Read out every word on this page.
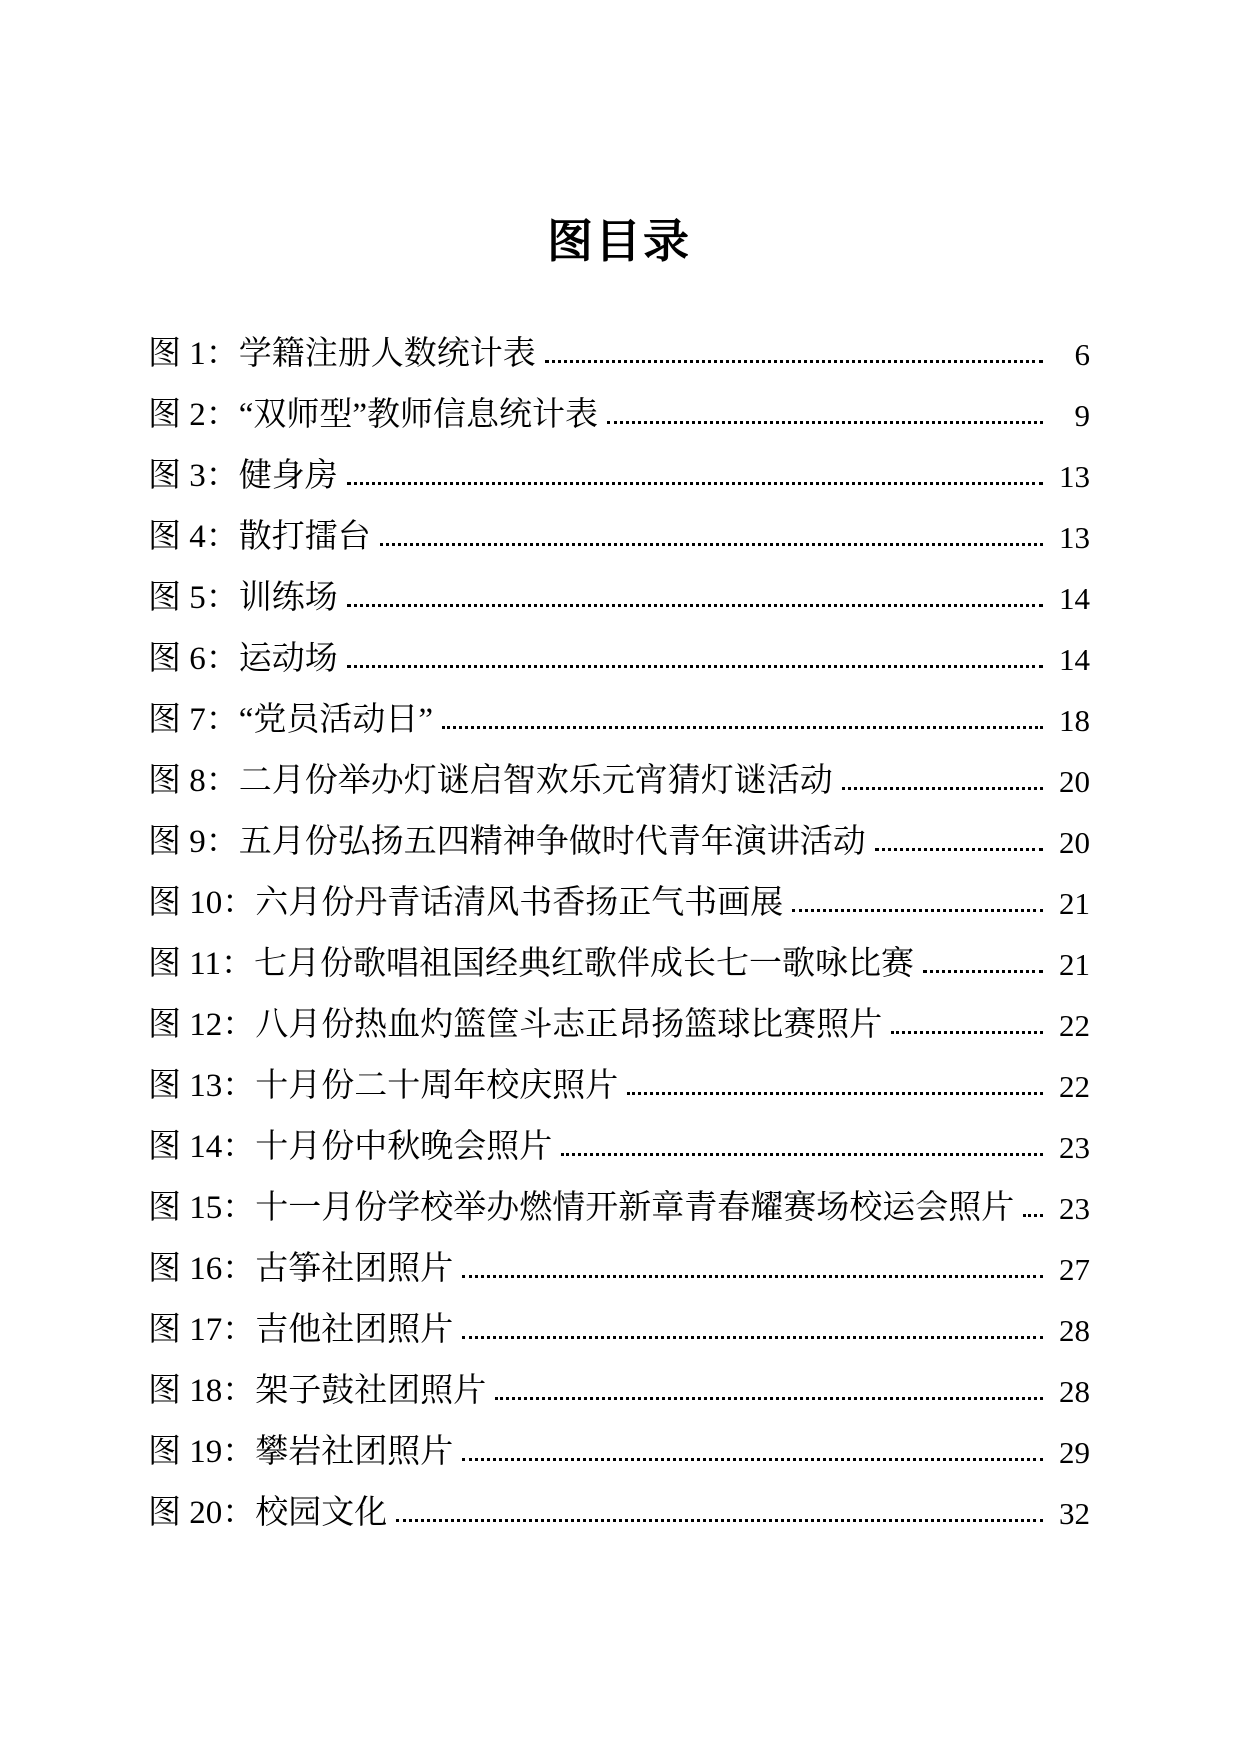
图目录
图 1：学籍注册人数统计表	6
图 2：“双师型”教师信息统计表	9
图 3：健身房	13
图 4：散打擂台	13
图 5：训练场	14
图 6：运动场	14
图 7：“党员活动日”	18
图 8：二月份举办灯谜启智欢乐元宵猜灯谜活动	20
图 9：五月份弘扬五四精神争做时代青年演讲活动	20
图 10：六月份丹青话清风书香扬正气书画展	21
图 11：七月份歌唱祖国经典红歌伴成长七一歌咏比赛	21
图 12：八月份热血灼篮筐斗志正昂扬篮球比赛照片	22
图 13：十月份二十周年校庆照片	22
图 14：十月份中秋晚会照片	23
图 15：十一月份学校举办燃情开新章青春耀赛场校运会照片	23
图 16：古筝社团照片	27
图 17：吉他社团照片	28
图 18：架子鼓社团照片	28
图 19：攀岩社团照片	29
图 20：校园文化	32
